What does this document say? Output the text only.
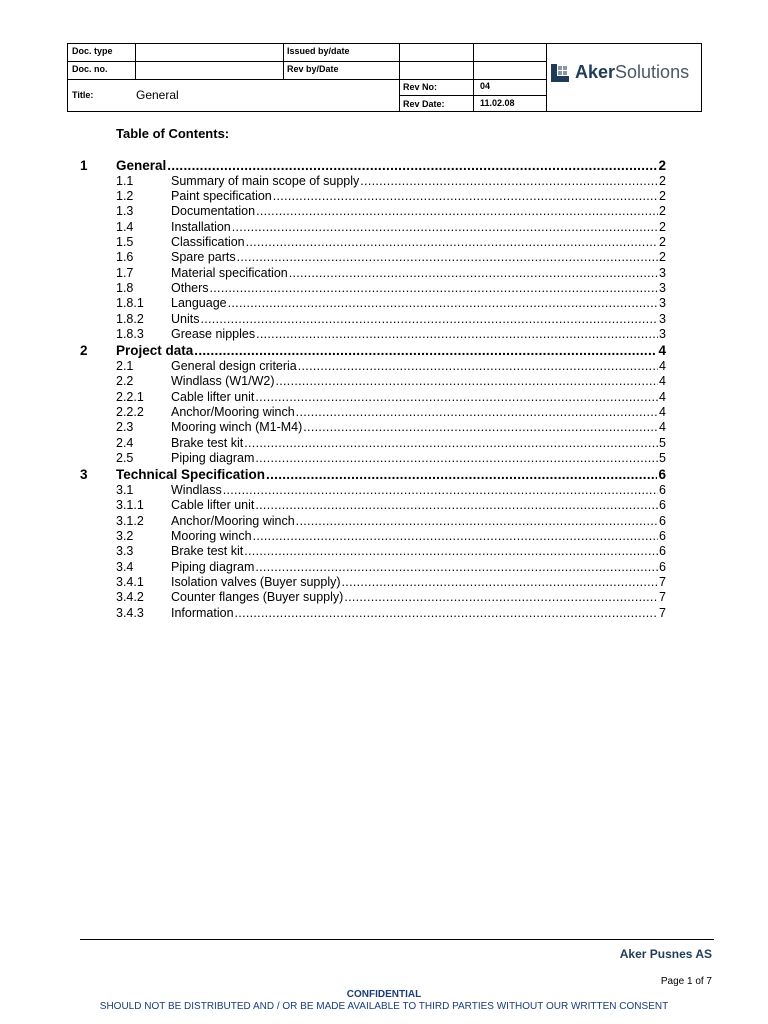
Doc. type	Issued by/date
Doc. no.	Rev by/Date
Title:	General
Rev No:	04
Rev Date:	11.02.08
AkerSolutions
Table of Contents:
1 General .....	2
1.1	Summary of main scope of supply .....	2
1.2	Paint specification .....	2
1.3	Documentation .....	2
1.4	Installation .....	2
1.5	Classification .....	2
1.6	Spare parts .....	2
1.7	Material specification .....	3
1.8	Others .....	3
1.8.1 Language .....	3
1.8.2 Units .....	3
1.8.3 Grease nipples .....	3
2 Project data .....	4
2.1	General design criteria .....	4
2.2	Windlass (W1/W2) .....	4
2.2.1 Cable lifter unit .....	4
2.2.2 Anchor/Mooring winch .....	4
2.3	Mooring winch (M1-M4) .....	4
2.4	Brake test kit .....	5
2.5	Piping diagram .....	5
3 Technical Specification .....	6
3.1	Windlass .....	6
3.1.1 Cable lifter unit .....	6
3.1.2 Anchor/Mooring winch .....	6
3.2	Mooring winch .....	6
3.3	Brake test kit .....	6
3.4	Piping diagram .....	6
3.4.1 Isolation valves (Buyer supply) .....	7
3.4.2 Counter flanges (Buyer supply) .....	7
3.4.3 Information .....	7
Aker Pusnes AS
Page 1 of 7
CONFIDENTIAL
SHOULD NOT BE DISTRIBUTED AND / OR BE MADE AVAILABLE TO THIRD PARTIES WITHOUT OUR WRITTEN CONSENT
